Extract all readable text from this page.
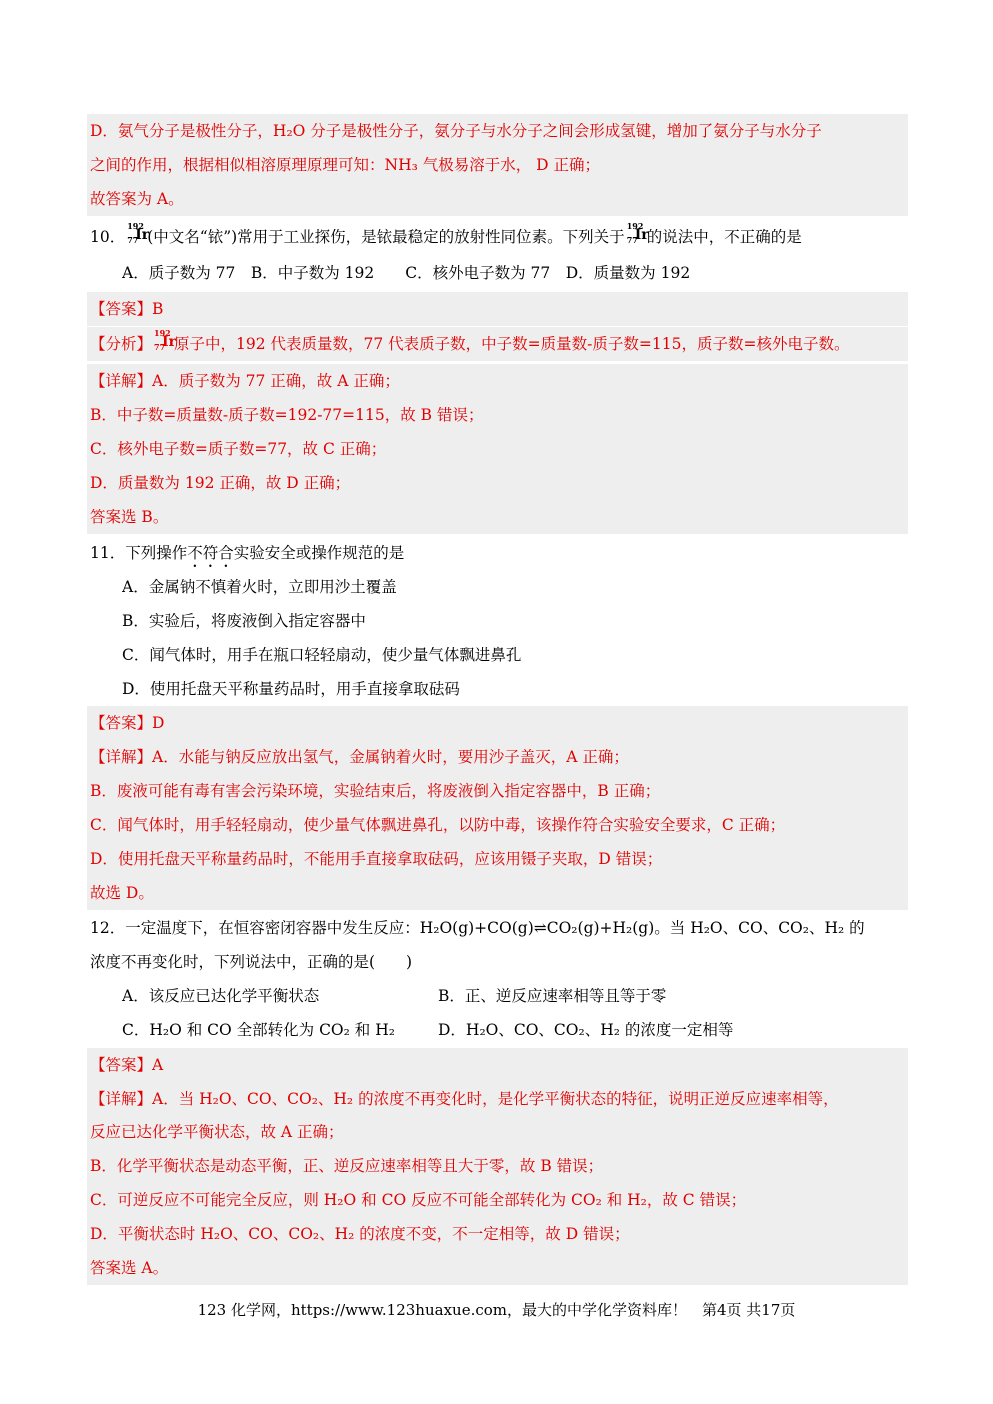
D．氨气分子是极性分子，H₂O 分子是极性分子，氨分子与水分子之间会形成氢键，增加了氨分子与水分子
之间的作用，根据相似相溶原理原理可知：NH₃ 气极易溶于水， D 正确；
故答案为 A。
10．
192
77
Ir
(中文名“铱”)常用于工业探伤，是铱最稳定的放射性同位素。下列关于
192
77
Ir
的说法中，不正确的是
A．质子数为 77　B．中子数为 192　　C．核外电子数为 77　D．质量数为 192
【答案】B
【分析】
192
77
Ir
原子中，192 代表质量数，77 代表质子数，中子数=质量数-质子数=115，质子数=核外电子数。
【详解】A．质子数为 77 正确，故 A 正确；
B．中子数=质量数-质子数=192-77=115，故 B 错误；
C．核外电子数=质子数=77，故 C 正确；
D．质量数为 192 正确，故 D 正确；
答案选 B。
11．下列操作不符合实验安全或操作规范的是
A．金属钠不慎着火时，立即用沙土覆盖
B．实验后，将废液倒入指定容器中
C．闻气体时，用手在瓶口轻轻扇动，使少量气体飘进鼻孔
D．使用托盘天平称量药品时，用手直接拿取砝码
【答案】D
【详解】A．水能与钠反应放出氢气，金属钠着火时，要用沙子盖灭，A 正确；
B．废液可能有毒有害会污染环境，实验结束后，将废液倒入指定容器中，B 正确；
C．闻气体时，用手轻轻扇动，使少量气体飘进鼻孔，以防中毒，该操作符合实验安全要求，C 正确；
D．使用托盘天平称量药品时，不能用手直接拿取砝码，应该用镊子夹取，D 错误；
故选 D。
12．一定温度下，在恒容密闭容器中发生反应：H₂O(g)+CO(g)⇌CO₂(g)+H₂(g)。当 H₂O、CO、CO₂、H₂ 的
浓度不再变化时，下列说法中，正确的是(　　)
A．该反应已达化学平衡状态	B．正、逆反应速率相等且等于零
C．H₂O 和 CO 全部转化为 CO₂ 和 H₂	D．H₂O、CO、CO₂、H₂ 的浓度一定相等
【答案】A
【详解】A．当 H₂O、CO、CO₂、H₂ 的浓度不再变化时，是化学平衡状态的特征，说明正逆反应速率相等，
反应已达化学平衡状态，故 A 正确；
B．化学平衡状态是动态平衡，正、逆反应速率相等且大于零，故 B 错误；
C．可逆反应不可能完全反应，则 H₂O 和 CO 反应不可能全部转化为 CO₂ 和 H₂，故 C 错误；
D．平衡状态时 H₂O、CO、CO₂、H₂ 的浓度不变，不一定相等，故 D 错误；
答案选 A。
123 化学网，https://www.123huaxue.com，最大的中学化学资料库！　第4页 共17页
